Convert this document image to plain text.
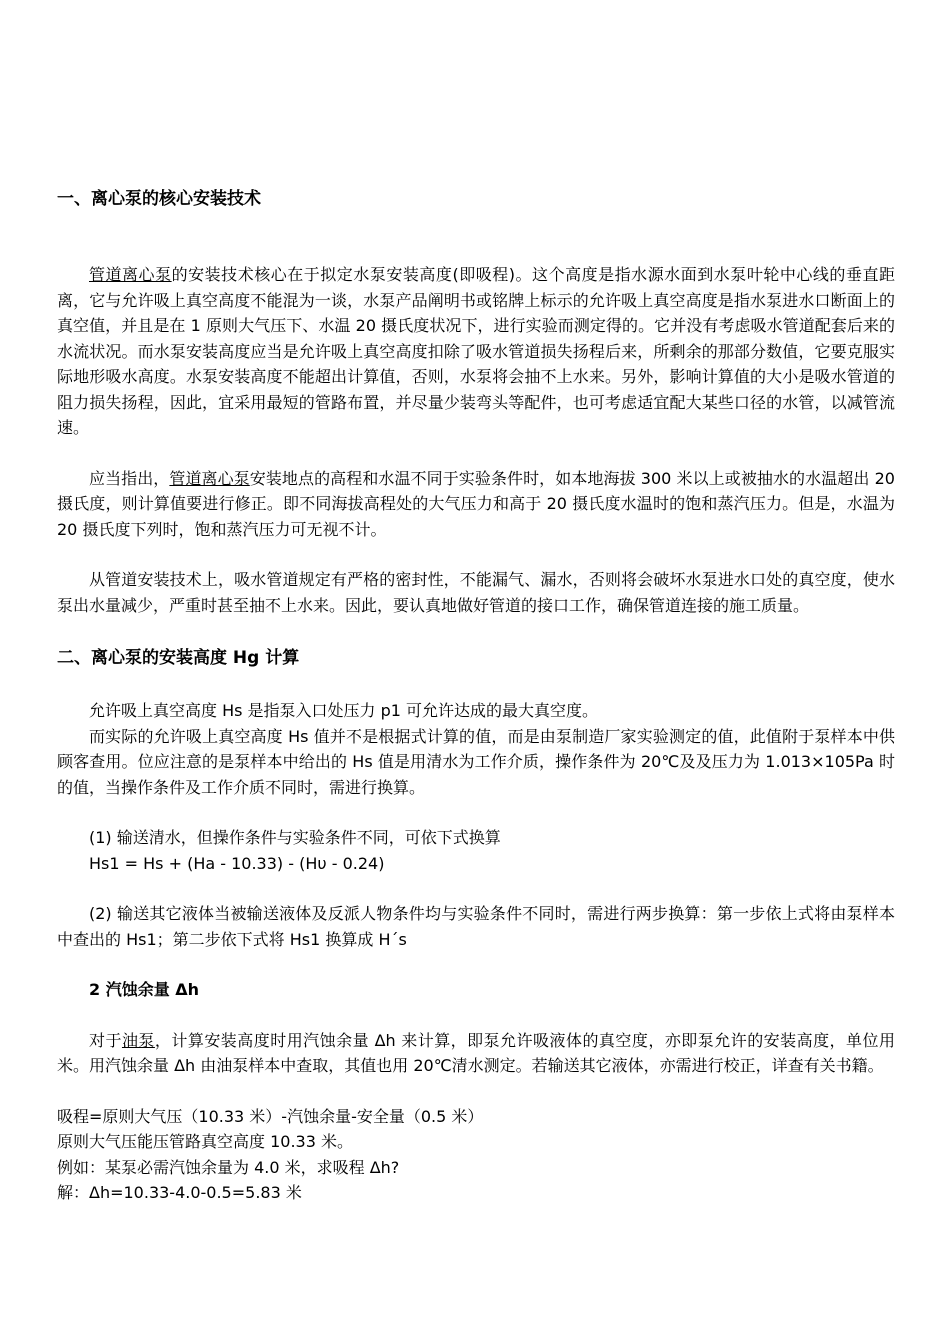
一、离心泵的核心安装技术

管道离心泵的安装技术核心在于拟定水泵安装高度(即吸程)。这个高度是指水源水面到水泵叶轮中心线的垂直距离，它与允许吸上真空高度不能混为一谈，水泵产品阐明书或铭牌上标示的允许吸上真空高度是指水泵进水口断面上的真空值，并且是在 1 原则大气压下、水温 20 摄氏度状况下，进行实验而测定得的。它并没有考虑吸水管道配套后来的水流状况。而水泵安装高度应当是允许吸上真空高度扣除了吸水管道损失扬程后来，所剩余的那部分数值，它要克服实际地形吸水高度。水泵安装高度不能超出计算值，否则，水泵将会抽不上水来。另外，影响计算值的大小是吸水管道的阻力损失扬程，因此，宜采用最短的管路布置，并尽量少装弯头等配件，也可考虑适宜配大某些口径的水管，以减管流速。

应当指出，管道离心泵安装地点的高程和水温不同于实验条件时，如本地海拔 300 米以上或被抽水的水温超出 20 摄氏度，则计算值要进行修正。即不同海拔高程处的大气压力和高于 20 摄氏度水温时的饱和蒸汽压力。但是，水温为 20 摄氏度下列时，饱和蒸汽压力可无视不计。

从管道安装技术上，吸水管道规定有严格的密封性，不能漏气、漏水，否则将会破坏水泵进水口处的真空度，使水泵出水量减少，严重时甚至抽不上水来。因此，要认真地做好管道的接口工作，确保管道连接的施工质量。

二、离心泵的安装高度 Hg 计算

允许吸上真空高度 Hs 是指泵入口处压力 p1 可允许达成的最大真空度。

而实际的允许吸上真空高度 Hs 值并不是根据式计算的值，而是由泵制造厂家实验测定的值，此值附于泵样本中供顾客查用。位应注意的是泵样本中给出的 Hs 值是用清水为工作介质，操作条件为 20℃及及压力为 1.013×105Pa 时的值，当操作条件及工作介质不同时，需进行换算。

(1) 输送清水，但操作条件与实验条件不同，可依下式换算

Hs1 = Hs + (Ha - 10.33) - (Hυ - 0.24)

(2) 输送其它液体当被输送液体及反派人物条件均与实验条件不同时，需进行两步换算：第一步依上式将由泵样本中查出的 Hs1；第二步依下式将 Hs1 换算成 H´s

2 汽蚀余量 Δh

对于油泵，计算安装高度时用汽蚀余量 Δh 来计算，即泵允许吸液体的真空度，亦即泵允许的安装高度，单位用米。用汽蚀余量 Δh 由油泵样本中查取，其值也用 20℃清水测定。若输送其它液体，亦需进行校正，详查有关书籍。

吸程=原则大气压（10.33 米）-汽蚀余量-安全量（0.5 米）

原则大气压能压管路真空高度 10.33 米。

例如：某泵必需汽蚀余量为 4.0 米，求吸程 Δh?

解：Δh=10.33-4.0-0.5=5.83 米
